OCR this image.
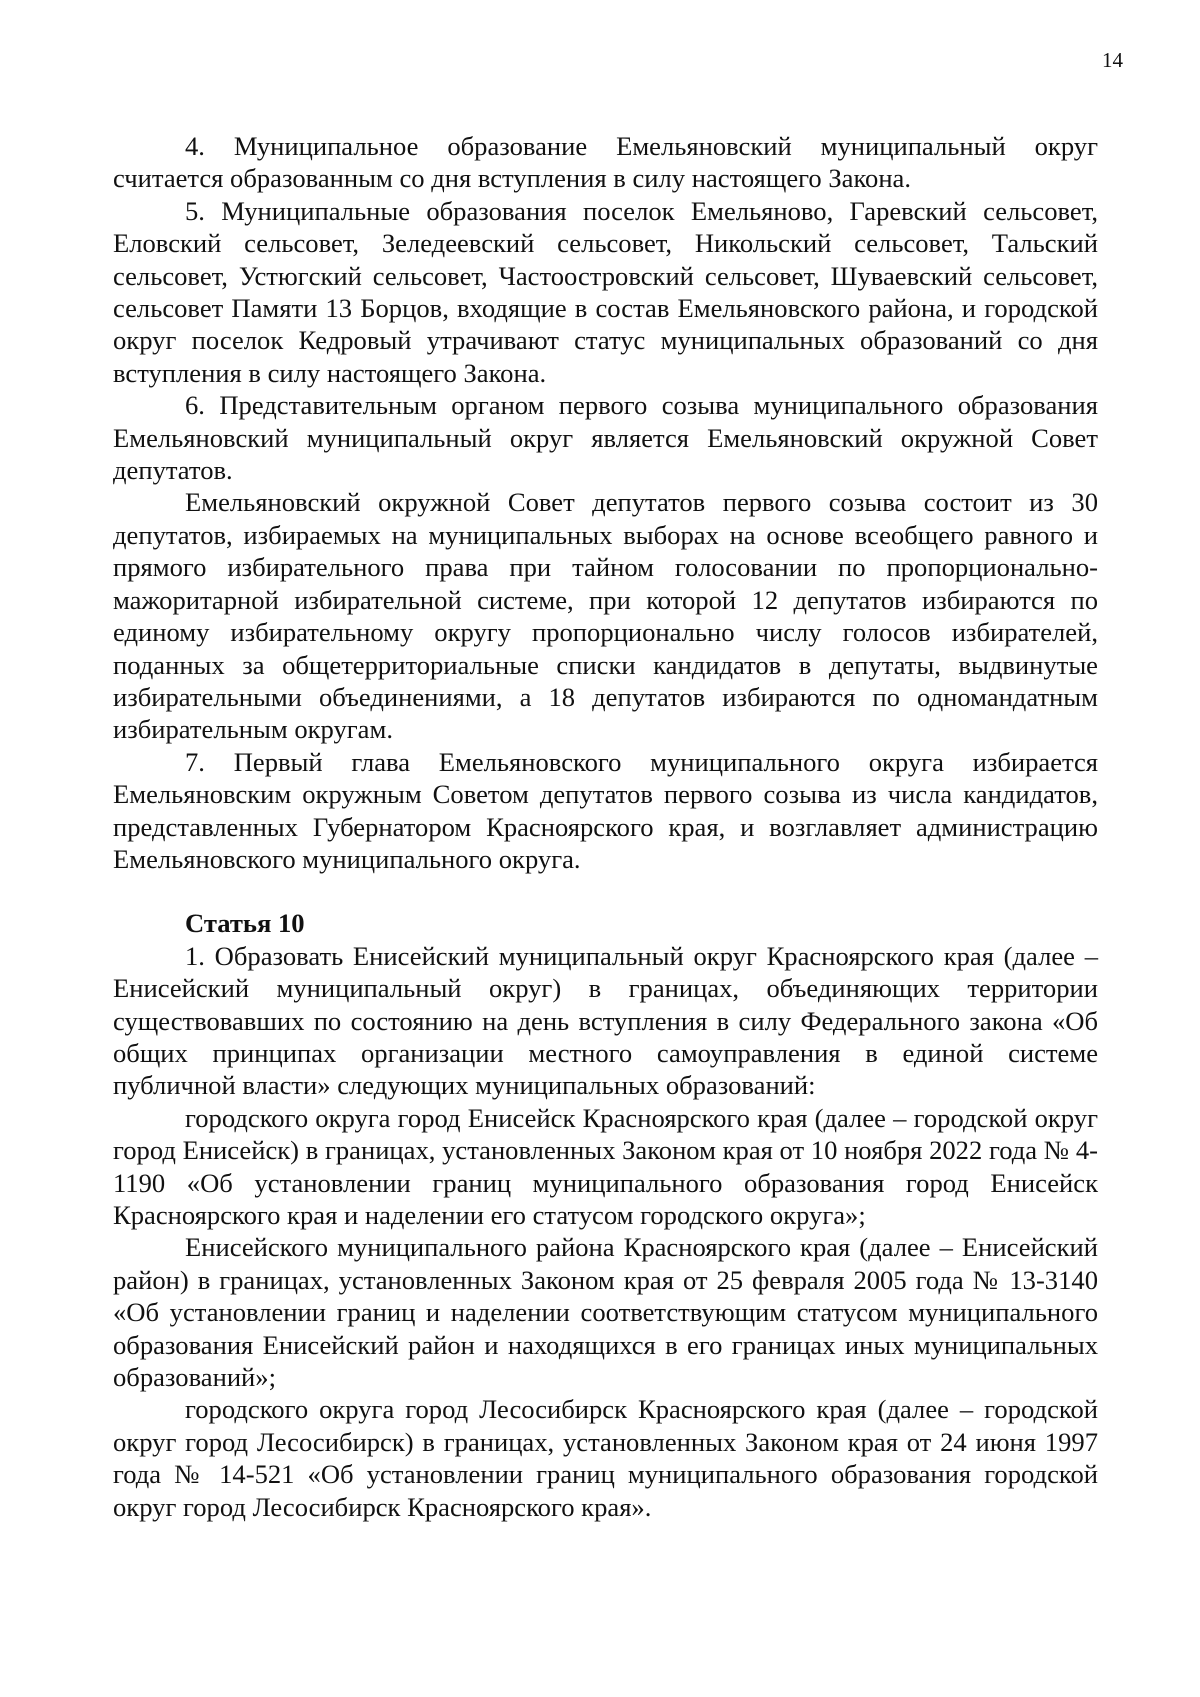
14

4. Муниципальное образование Емельяновский муниципальный округ считается образованным со дня вступления в силу настоящего Закона.

5. Муниципальные образования поселок Емельяново, Гаревский сельсовет, Еловский сельсовет, Зеледеевский сельсовет, Никольский сельсовет, Тальский сельсовет, Устюгский сельсовет, Частоостровский сельсовет, Шуваевский сельсовет, сельсовет Памяти 13 Борцов, входящие в состав Емельяновского района, и городской округ поселок Кедровый утрачивают статус муниципальных образований со дня вступления в силу настоящего Закона.

6. Представительным органом первого созыва муниципального образования Емельяновский муниципальный округ является Емельяновский окружной Совет депутатов.

Емельяновский окружной Совет депутатов первого созыва состоит из 30 депутатов, избираемых на муниципальных выборах на основе всеобщего равного и прямого избирательного права при тайном голосовании по пропорционально-мажоритарной избирательной системе, при которой 12 депутатов избираются по единому избирательному округу пропорционально числу голосов избирателей, поданных за общетерриториальные списки кандидатов в депутаты, выдвинутые избирательными объединениями, а 18 депутатов избираются по одномандатным избирательным округам.

7. Первый глава Емельяновского муниципального округа избирается Емельяновским окружным Советом депутатов первого созыва из числа кандидатов, представленных Губернатором Красноярского края, и возглавляет администрацию Емельяновского муниципального округа.

Статья 10

1. Образовать Енисейский муниципальный округ Красноярского края (далее – Енисейский муниципальный округ) в границах, объединяющих территории существовавших по состоянию на день вступления в силу Федерального закона «Об общих принципах организации местного самоуправления в единой системе публичной власти» следующих муниципальных образований:

городского округа город Енисейск Красноярского края (далее – городской округ город Енисейск) в границах, установленных Законом края от 10 ноября 2022 года № 4-1190 «Об установлении границ муниципального образования город Енисейск Красноярского края и наделении его статусом городского округа»;

Енисейского муниципального района Красноярского края (далее – Енисейский район) в границах, установленных Законом края от 25 февраля 2005 года № 13-3140 «Об установлении границ и наделении соответствующим статусом муниципального образования Енисейский район и находящихся в его границах иных муниципальных образований»;

городского округа город Лесосибирск Красноярского края (далее – городской округ город Лесосибирск) в границах, установленных Законом края от 24 июня 1997 года № 14-521 «Об установлении границ муниципального образования городской округ город Лесосибирск Красноярского края».
